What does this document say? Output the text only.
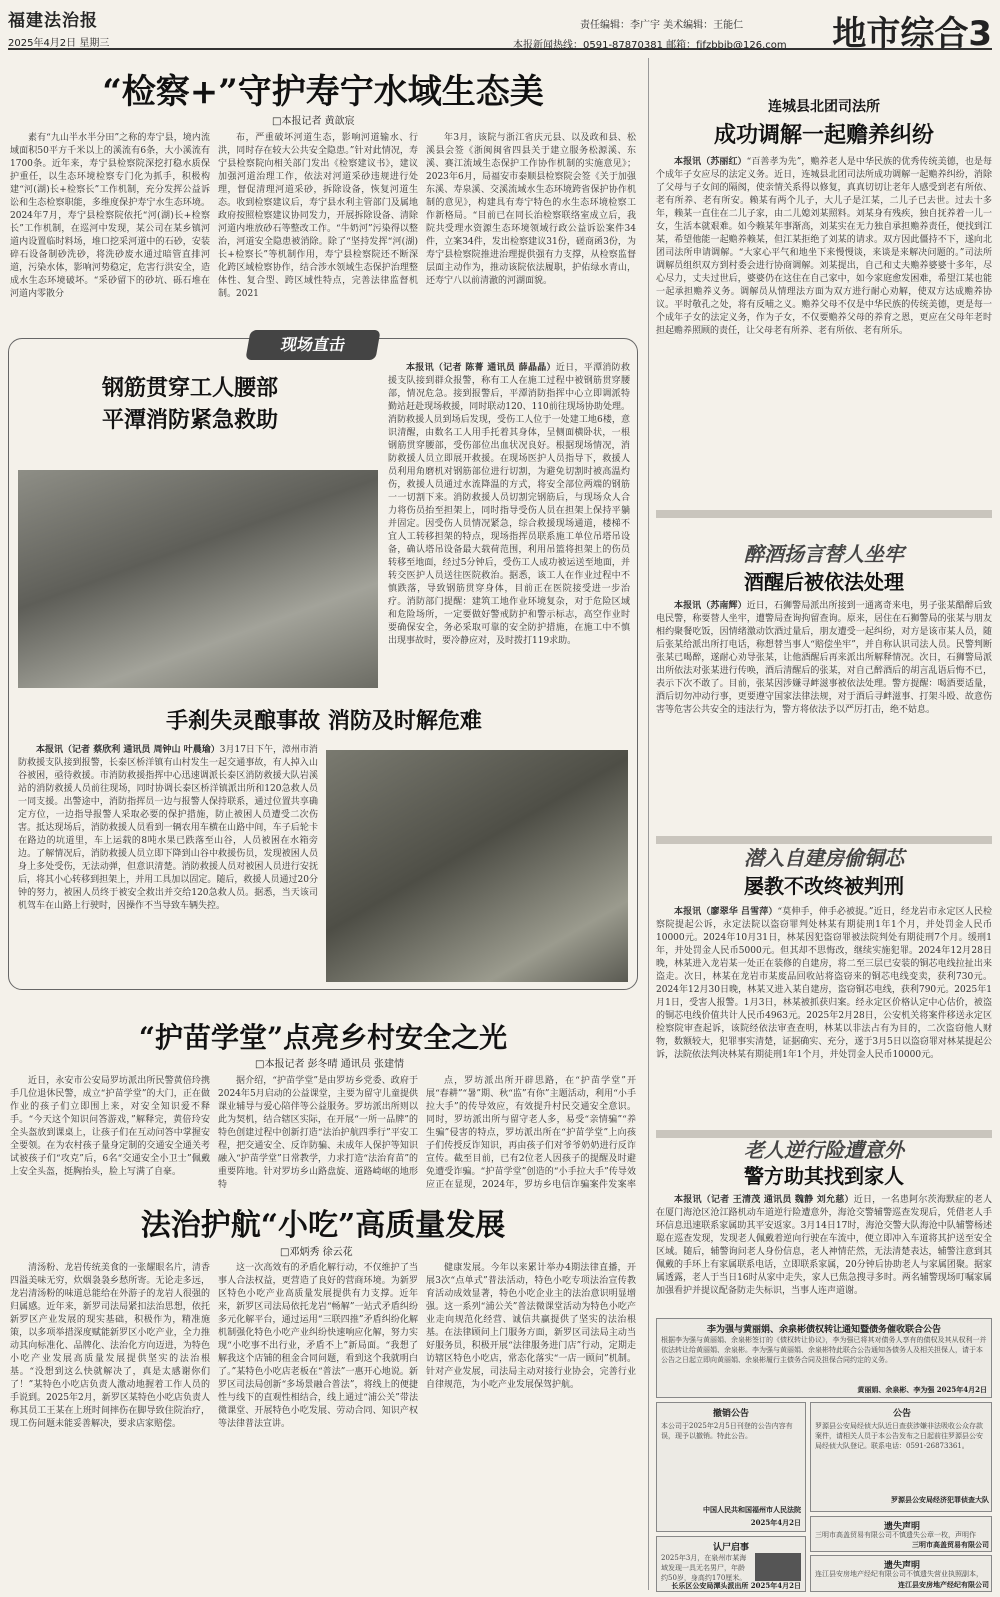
福建法治报
2025年4月2日 星期三
责任编辑：李广宇 美术编辑：王能仁
本报新闻热线：0591-87870381 邮箱：fjfzbbjb@126.com 地市综合3
“检察+”守护寿宁水域生态美
□本报记者 黄歆宸

素有“九山半水半分田”之称的寿宁县，境内流域面积50平方千米以上的溪流有6条，大小溪流有1700条。近年来，寿宁县检察院深挖打稳水质保护重任，以生态环境检察专门化为抓手，积极构建“河(湖)长+检察长”工作机制，充分发挥公益诉讼和生态检察职能，多维度保护寿宁水生态环境。2024年7月，寿宁县检察院依托“河(湖)长+检察长”工作机制，在巡河中发现，某公司在某乡镇河道内设置临时料场，堆口挖采河道中的石砂，安装碎石设备制砂洗砂，将洗砂废水通过暗管直排河道，污染水体，影响河势稳定，危害行洪安全，造成水生态环境破坏。“采砂留下的砂坑、砾石堆在河道内零散分

布，严重破坏河道生态，影响河道输水、行洪，同时存在较大公共安全隐患。”针对此情况，寿宁县检察院向相关部门发出《检察建议书》，建议加强河道治理工作，依法对河道采砂违规进行处理，督促清理河道采砂，拆除设备，恢复河道生态。收到检察建议后，寿宁县水利主管部门及属地政府按照检察建议协同发力，开展拆除设备、清除河道内堆放砂石等整改工作。“牛奶河”污染得以整治，河道安全隐患被消除。除了“坚持发挥“河(湖)长+检察长”等机制作用，寿宁县检察院还不断深化跨区域检察协作，结合涉水领域生态保护治理整体性、复合型、跨区域性特点，完善法律监督机制。2021

年3月，该院与浙江省庆元县、以及政和县、松溪县会签《浙闽闽省四县关于建立服务松源溪、东溪、赛江流域生态保护工作协作机制的实施意见》；2023年6月，局福安市泰顺县检察院会签《关于加强东溪、寿泉溪、交溪流域水生态环境跨省保护协作机制的意见》，构建具有寿宁特色的水生态环境检察工作新格局。“目前已在同长治检察联络室成立后，我院共受理水资源生态环境领域行政公益诉讼案件34件，立案34件，发出检察建议31份，磋商函3份，为寿宁县检察院推进治理提供强有力支撑，从检察监督层面主动作为，推动该院依法履职，护佑绿水青山，还寿宁八以前清澈的河湖面貌。

现场直击
钢筋贯穿工人腰部
平潭消防紧急救助

本报讯（记者 陈菁 通讯员 薛晶晶）近日，平潭消防救援支队接到群众报警，称有工人在施工过程中被钢筋贯穿腰部，情况危急。接到报警后，平潭消防指挥中心立即调派特勤站赶赴现场救援，同时联动120、110前往现场协助处理。消防救援人员到场后发现，受伤工人位于一处建工地6楼，意识清醒，由数名工人用手托着其身体，呈侧面横卧状，一根钢筋贯穿腰部，受伤部位出血状况良好。根据现场情况，消防救援人员立即展开救援。在现场医护人员指导下，救援人员利用角磨机对钢筋部位进行切割，为避免切割时被高温灼伤，救援人员通过水流降温的方式，将安全部位两端的钢筋一一切割下来。消防救援人员切割完钢筋后，与现场众人合力将伤员抬至担架上，同时指导受伤人员在担架上保持平躺并固定。因受伤人员情况紧急，综合救援现场通道，楼梯不宜人工转移担架的特点，现场指挥员联系施工单位吊塔吊设备，确认塔吊设备最大载荷范围，利用吊篮将担架上的伤员转移至地面，经过5分钟后，受伤工人成功被运送至地面，并转交医护人员送往医院救治。据悉，该工人在作业过程中不慎跌落，导致钢筋贯穿身体，目前正在医院接受进一步治疗。消防部门提醒：建筑工地作业环境复杂，对于危险区域和危险场所，一定要做好警戒防护和警示标志，高空作业时要确保安全，务必采取可靠的安全防护措施，在施工中不慎出现事故时，要冷静应对，及时拨打119求助。

手刹失灵酿事故 消防及时解危难

本报讯（记者 蔡欣利 通讯员 周钟山 叶晨瑜）3月17日下午，漳州市消防救援支队接到报警，长泰区桥洋镇有山村发生一起交通事故，有人掉入山谷被困，亟待救援。市消防救援指挥中心迅速调派长泰区消防救援大队岩溪站的消防救援人员前往现场，同时协调长泰区桥洋镇派出所和120急救人员一同支援。出警途中，消防指挥员一边与报警人保持联系，通过位置共享确定方位，一边指导报警人采取必要的保护措施，防止被困人员遭受二次伤害。抵达现场后，消防救援人员看到一辆农用车横在山路中间，车子后轮卡在路边的坑道里，车上运载的8吨水果已跌落至山谷，人员被困在水箱旁边。了解情况后，消防救援人员立即下降到山谷中救援伤员，发现被困人员身上多处受伤，无法动弹，但意识清楚。消防救援人员对被困人员进行安抚后，将其小心转移到担架上，并用工具加以固定。随后，救援人员通过20分钟的努力，被困人员终于被安全救出并交给120急救人员。据悉，当天该司机驾车在山路上行驶时，因操作不当导致车辆失控。

“护苗学堂”点亮乡村安全之光
□本报记者 彭冬晴 通讯员 张建情

近日，永安市公安局罗坊派出所民警黄倍玲携手几位退休民警，成立“护苗学堂”的大门，正在做作业的孩子们立即围上来，对安全知识爱不释手。“今天这个知识问答游戏，”解释完，黄倍玲安全头盔放到课桌上，让孩子们在互动问答中掌握安全要领。在为农村孩子量身定制的交通安全通关考试被孩子们“攻克”后，6名“交通安全小卫士”佩戴上安全头盔，挺胸抬头，脸上写满了自豪。

据介绍，“护苗学堂”是由罗坊乡党委、政府于2024年5月启动的公益课堂，主要为留守儿童提供课业辅导与爱心陪伴等公益服务。罗坊派出所则以此为契机，结合辖区实际，在开展“一所一品牌”的特色创建过程中创新打造“法治护航四季行”平安工程，把交通安全、反诈防骗、未成年人保护等知识融入“护苗学堂”日常教学，力求打造“法治育苗”的重要阵地。针对罗坊乡山路盘旋、道路崎岖的地形特

点，罗坊派出所开辟思路，在“护苗学堂”开展“春耕”“暑”期、秋“监”有你”主题活动，利用“小手拉大手”的传导效应，有效提升村民交通安全意识。同时，罗坊派出所与留守老人多，易受“亲情骗”“养生骗”侵害的特点，罗坊派出所在“护苗学堂”上向孩子们传授反诈知识，再由孩子们对爷爷奶奶进行反诈宣传。截至目前，已有2位老人因孩子的提醒及时避免遭受诈骗。“护苗学堂”创造的“小手拉大手”传导效应正在显现，2024年，罗坊乡电信诈骗案件发案率

法治护航“小吃”高质量发展
□邓炳秀 徐云花

清汤粉、龙岩传统美食的一张耀眼名片，清香四溢美味无穷，炊烟袅袅乡愁所寄。无论走多远，龙岩清汤粉的味道总能给在外游子的龙岩人很强的归属感。近年来，新罗司法局紧扣法治思想，依托新罗区产业发展的现实基础，积极作为，精准施策，以多项举措深度赋能新罗区小吃产业，全力推动其向标准化、品牌化、法治化方向迈进，为特色小吃产业发展高质量发展提供坚实的法治根基。“没想到这么快就解决了，真是太感谢你们了！”某特色小吃店负责人激动地握着工作人员的手说到。2025年2月，新罗区某特色小吃店负责人称其员工王某在上班时间摔伤在脚导致住院治疗，现工伤问题未能妥善解决，要求店家赔偿。

这一次高效有的矛盾化解行动，不仅维护了当事人合法权益，更营造了良好的营商环境。为新罗区特色小吃产业高质量发展提供有力支撑。近年来，新罗区司法局依托龙岩“畅解”一站式矛盾纠纷多元化解平台，通过运用“三联四推”矛盾纠纷化解机制强化特色小吃产业纠纷快速响应化解，努力实现“小吃事不出行业，矛盾不上”新局面。“我想了解我这个店铺的租金合同问题，看到这个我就明白了。”某特色小吃店老板在“普法”一惠开心地说。新罗区司法局创新“多场景融合普法”，将线上的便捷性与线下的直观性相结合，线上通过“浦公关”带法微课堂、开展特色小吃发展、劳动合同、知识产权等法律普法宣讲。

健康发展。今年以来累计举办4期法律直播，开展3次“点单式”普法活动，特色小吃专项法治宣传教育活动成效显著，特色小吃企业主的法治意识明显增强。这一系列“浦公关”普法微课堂活动为特色小吃产业走向规范化经营、诚信共赢提供了坚实的法治根基。在法律顾问上门服务方面，新罗区司法局主动当好服务员，积极开展“法律服务进门店”行动，定期走访辖区特色小吃店，常态化落实“一店一顾问”机制。针对产业发展，司法局主动对接行业协会，完善行业自律规范，为小吃产业发展保驾护航。

连城县北团司法所
成功调解一起赡养纠纷

本报讯（苏丽红）“百善孝为先”，赡养老人是中华民族的优秀传统美德，也是每个成年子女应尽的法定义务。近日，连城县北团司法所成功调解一起赡养纠纷，消除了父母与子女间的隔阂，使亲情关系得以修复，真真切切让老年人感受到老有所依、老有所养、老有所安。赖某有两个儿子，大儿子是江某，二儿子已去世。过去十多年，赖某一直住在二儿子家，由二儿媳刘某照料。刘某身有残疾，独自抚养着一儿一女，生活本就艰难。如今赖某年事渐高，刘某实在无力独自承担赡养责任，便找到江某，希望他能一起赡养赖某，但江某拒绝了刘某的请求。双方因此僵持不下，遂向北团司法所申请调解。“大家心平气和地坐下来慢慢谈，来谈是来解决问题的。”司法所调解员组织双方到村委会进行协商调解。刘某提出，自己和丈夫赡养婆婆十多年，尽心尽力，丈夫过世后，婆婆仍在这住在自己家中，如今家庭愈发困难，希望江某也能一起承担赡养义务。调解员从情理法方面为双方进行耐心劝解，使双方达成赡养协议。平时敬孔之处，将有反哺之义。赡养父母不仅是中华民族的传统美德，更是每一个成年子女的法定义务，作为子女，不仅要赡养父母的养育之恩，更应在父母年老时担起赡养照顾的责任，让父母老有所养、老有所依、老有所乐。

醉酒扬言替人坐牢
酒醒后被依法处理

本报讯（苏南辉）近日，石狮警局派出所接到一通离奇来电，男子张某酷醉后致电民警，称要替人坐牢，遭警局查询拘留查询。原来，居住在石狮警局的张某与朋友相约聚餐吃饭，因情绪激动饮酒过量后，朋友遭受一起纠纷，对方是该市某人员，随后张某给派出所打电话，称想替当事人“赔偿坐牢”，并自称认识司法人员。民警判断张某已喝醉，遂耐心劝导张某，让他酒醒后再来派出所解释情况。次日，石狮警局派出所依法对张某进行传唤，酒后清醒后的张某，对自己醉酒后的胡言乱语后悔不已，表示下次不敢了。目前，张某因涉嫌寻衅滋事被依法处理。警方提醒：喝酒要适量，酒后切勿冲动行事，更要遵守国家法律法规，对于酒后寻衅滋事、打架斗殴、故意伤害等危害公共安全的违法行为，警方将依法予以严厉打击，绝不姑息。

潜入自建房偷铜芯
屡教不改终被判刑

本报讯（廖翠华 吕雪萍）“莫伸手，伸手必被捉。”近日，经龙岩市永定区人民检察院提起公诉，永定法院以盗窃罪判处林某有期徒刑1年1个月，并处罚金人民币10000元。2024年10月31日，林某因犯盗窃罪被法院判处有期徒刑7个月。缓刑1年，并处罚金人民币5000元。但其却不思悔改，继续实施犯罪。2024年12月28日晚，林某进入龙岩某一处正在装修的自建房，将二至三层已安装的铜芯电线拉扯出来盗走。次日，林某在龙岩市某废品回收站将盗窃来的铜芯电线变卖，获利730元。2024年12月30日晚，林某又进入某自建房，盗窃铜芯电线，获利790元。2025年1月1日，受害人报警。1月3日，林某被抓获归案。经永定区价格认定中心估价，被盗的铜芯电线价值共计人民币4963元。2025年2月28日，公安机关将案件移送永定区检察院审查起诉，该院经依法审查查明，林某以非法占有为目的，二次盗窃他人财物，数额较大，犯罪事实清楚，证据确实、充分，遂于3月5日以盗窃罪对林某提起公诉，法院依法判决林某有期徒刑1年1个月，并处罚金人民币10000元。

老人逆行险遭意外
警方助其找到家人

本报讯（记者 王清茂 通讯员 魏静 刘允慈）近日，一名患阿尔茨海默症的老人在厦门海沧区沧江路机动车道逆行险遭意外，海沧交警辅警巡查发现后，凭借老人手环信息迅速联系家属助其平安返家。3月14日17时，海沧交警大队海沧中队辅警杨述聪在巡查发现，发现老人佩戴着逆向行驶在车流中，便立即冲入车道将其护送至安全区域。随后，辅警询问老人身份信息，老人神情茫然，无法清楚表达，辅警注意到其佩戴的手环上有家属联系电话，立即联系家属，20分钟后协助老人与家属团聚。据家属透露，老人于当日16时从家中走失，家人已焦急搜寻多时。两名辅警现场叮嘱家属加强看护并提议配备防走失标识，当事人连声道谢。

李为强与黄丽娟、余泉彬债权转让通知暨债务催收联合公告
根据李为强与黄丽娟、余泉彬签订的《债权转让协议》，李为强已将其对债务人享有的债权及其从权利一并依法转让给黄丽娟、余泉彬。李为强与黄丽娟、余泉彬特此联合公告通知各债务人及相关担保人，请于本公告之日起立即向黄丽娟、余泉彬履行主债务合同及担保合同约定的义务。
黄丽娟、余泉彬、李为强 2025年4月2日
撤销公告
本公司于2025年2月5日刊登的公告内容有误，现予以撤销。特此公告。
中国人民共和国福州市人民法院
2025年4月2日
公告
罗源县公安局经侦大队近日查获涉嫌非法吸收公众存款案件，请相关人员于本公告发布之日起前往罗源县公安局经侦大队登记。联系电话：0591-26873361。
罗源县公安局经济犯罪侦查大队
认尸启事
2025年3月，在泉州市某海域发现一具无名男尸，年龄约50岁，身高约170厘米。
长乐区公安局潭头派出所 2025年4月2日
遗失声明
三明市高盖贸易有限公司不慎遗失公章一枚，声明作
三明市高盖贸易有限公司
遗失声明
连江县安房地产经纪有限公司不慎遗失营业执照副本，
连江县安房地产经纪有限公司
